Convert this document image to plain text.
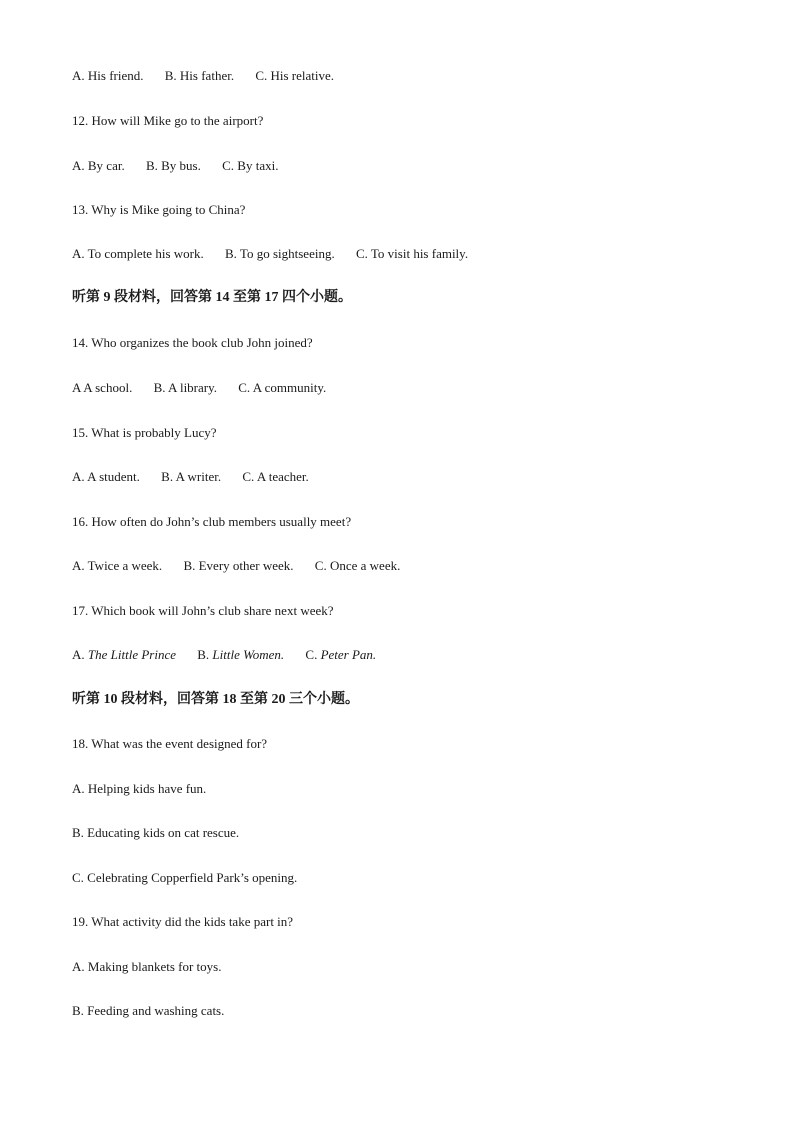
A. His friend. B. His father. C. His relative.
12. How will Mike go to the airport?
A. By car. B. By bus. C. By taxi.
13. Why is Mike going to China?
A. To complete his work. B. To go sightseeing. C. To visit his family.
听第 9 段材料，回答第 14 至第 17 四个小题。
14. Who organizes the book club John joined?
A A school. B. A library. C. A community.
15. What is probably Lucy?
A. A student. B. A writer. C. A teacher.
16. How often do John’s club members usually meet?
A. Twice a week. B. Every other week. C. Once a week.
17. Which book will John’s club share next week?
A. The Little Prince B. Little Women. C. Peter Pan.
听第 10 段材料，回答第 18 至第 20 三个小题。
18. What was the event designed for?
A. Helping kids have fun.
B. Educating kids on cat rescue.
C. Celebrating Copperfield Park’s opening.
19. What activity did the kids take part in?
A. Making blankets for toys.
B. Feeding and washing cats.
